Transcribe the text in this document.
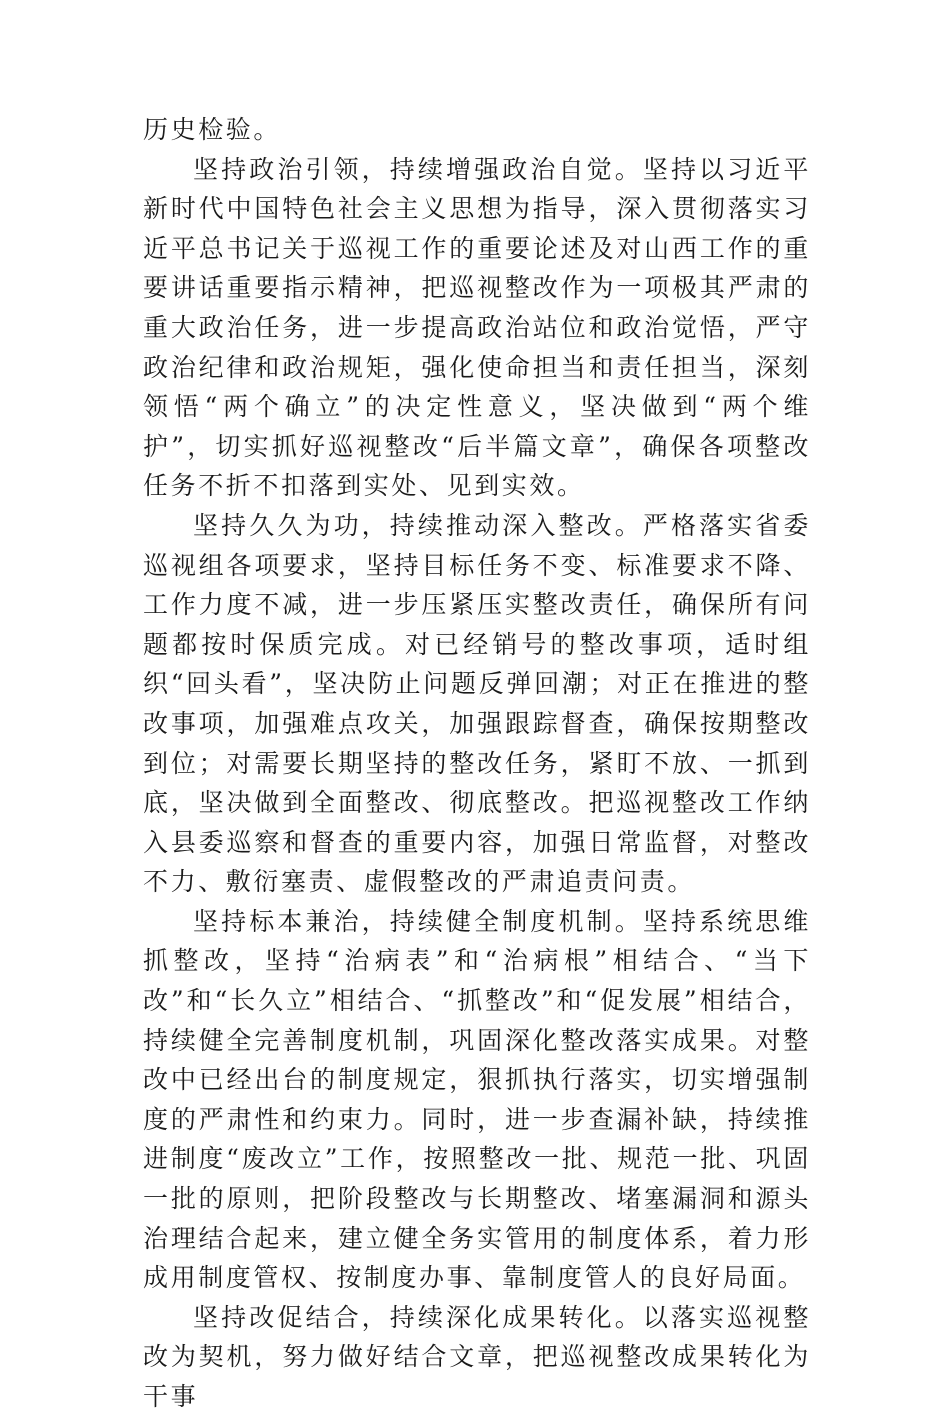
历史检验。

坚持政治引领，持续增强政治自觉。坚持以习近平新时代中国特色社会主义思想为指导，深入贯彻落实习近平总书记关于巡视工作的重要论述及对山西工作的重要讲话重要指示精神，把巡视整改作为一项极其严肃的重大政治任务，进一步提高政治站位和政治觉悟，严守政治纪律和政治规矩，强化使命担当和责任担当，深刻领悟“两个确立”的决定性意义，坚决做到“两个维护”，切实抓好巡视整改“后半篇文章”，确保各项整改任务不折不扣落到实处、见到实效。

坚持久久为功，持续推动深入整改。严格落实省委巡视组各项要求，坚持目标任务不变、标准要求不降、工作力度不减，进一步压紧压实整改责任，确保所有问题都按时保质完成。对已经销号的整改事项，适时组织“回头看”，坚决防止问题反弹回潮；对正在推进的整改事项，加强难点攻关，加强跟踪督查，确保按期整改到位；对需要长期坚持的整改任务，紧盯不放、一抓到底，坚决做到全面整改、彻底整改。把巡视整改工作纳入县委巡察和督查的重要内容，加强日常监督，对整改不力、敷衍塞责、虚假整改的严肃追责问责。

坚持标本兼治，持续健全制度机制。坚持系统思维抓整改，坚持“治病表”和“治病根”相结合、“当下改”和“长久立”相结合、“抓整改”和“促发展”相结合，持续健全完善制度机制，巩固深化整改落实成果。对整改中已经出台的制度规定，狠抓执行落实，切实增强制度的严肃性和约束力。同时，进一步查漏补缺，持续推进制度“废改立”工作，按照整改一批、规范一批、巩固一批的原则，把阶段整改与长期整改、堵塞漏洞和源头治理结合起来，建立健全务实管用的制度体系，着力形成用制度管权、按制度办事、靠制度管人的良好局面。

坚持改促结合，持续深化成果转化。以落实巡视整改为契机，努力做好结合文章，把巡视整改成果转化为干事
